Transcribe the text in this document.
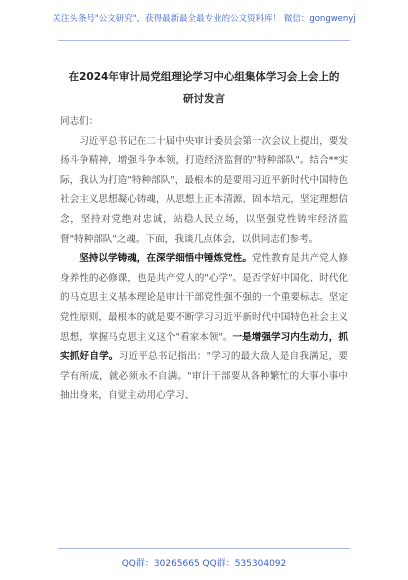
关注头条号"公文研究"，获得最新最全最专业的公文资料库！ 微信：gongwenyj
在2024年审计局党组理论学习中心组集体学习会上会上的
研讨发言

同志们：

习近平总书记在二十届中央审计委员会第一次会议上提出，要发扬斗争精神，增强斗争本领，打造经济监督的"特种部队"。结合**实际，我认为打造"特种部队"，最根本的是要用习近平新时代中国特色社会主义思想凝心铸魂，从思想上正本清源、固本培元，坚定理想信念，坚持对党绝对忠诚，站稳人民立场，以坚强党性铸牢经济监督"特种部队"之魂。下面，我谈几点体会，以供同志们参考。

坚持以学铸魂，在深学细悟中锤炼党性。党性教育是共产党人修身养性的必修课，也是共产党人的"心学"。是否学好中国化、时代化的马克思主义基本理论是审计干部党性强不强的一个重要标志。坚定党性原则，最根本的就是要不断学习习近平新时代中国特色社会主义思想，掌握马克思主义这个"看家本领"。一是增强学习内生动力，抓实抓好自学。习近平总书记指出："学习的最大敌人是自我满足，要学有所成，就必须永不自满。"审计干部要从各种繁忙的大事小事中抽出身来，自觉主动用心学习、

QQ群：30265665 QQ群：535304092
